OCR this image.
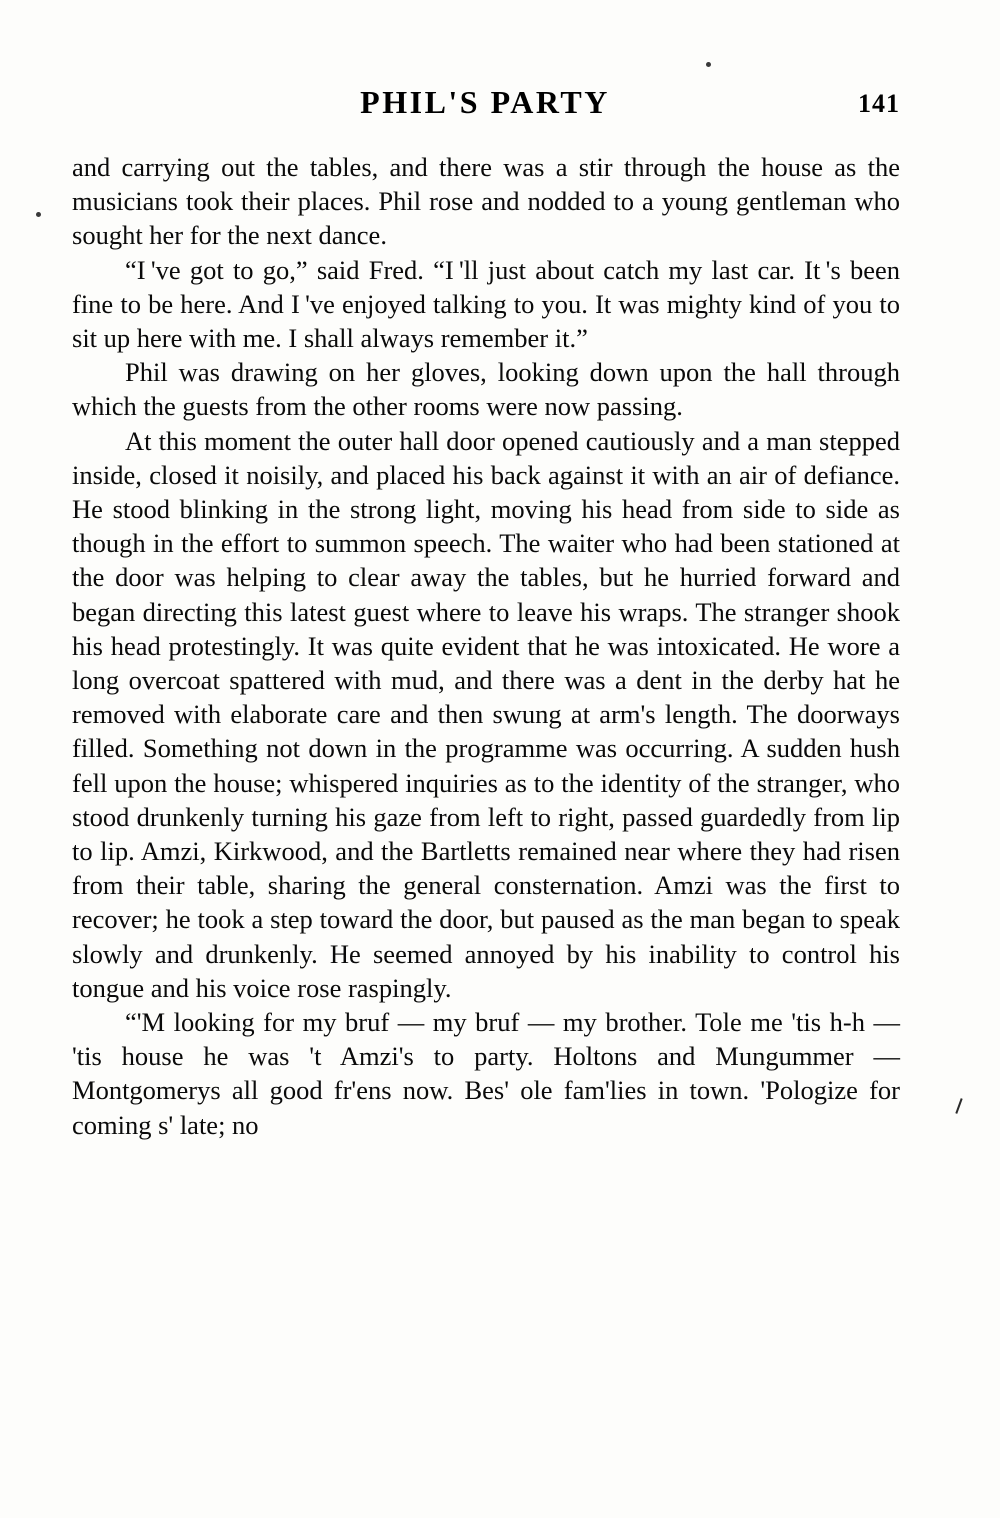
PHIL'S PARTY	141

and carrying out the tables, and there was a stir through the house as the musicians took their places. Phil rose and nodded to a young gentleman who sought her for the next dance.

“I 've got to go,” said Fred. “I 'll just about catch my last car. It 's been fine to be here. And I 've enjoyed talking to you. It was mighty kind of you to sit up here with me. I shall always remember it.”

Phil was drawing on her gloves, looking down upon the hall through which the guests from the other rooms were now passing.

At this moment the outer hall door opened cautiously and a man stepped inside, closed it noisily, and placed his back against it with an air of defiance. He stood blinking in the strong light, moving his head from side to side as though in the effort to summon speech. The waiter who had been stationed at the door was helping to clear away the tables, but he hurried forward and began directing this latest guest where to leave his wraps. The stranger shook his head protestingly. It was quite evident that he was intoxicated. He wore a long overcoat spattered with mud, and there was a dent in the derby hat he removed with elaborate care and then swung at arm's length. The doorways filled. Something not down in the programme was occurring. A sudden hush fell upon the house; whispered inquiries as to the identity of the stranger, who stood drunkenly turning his gaze from left to right, passed guardedly from lip to lip. Amzi, Kirkwood, and the Bartletts remained near where they had risen from their table, sharing the general consternation. Amzi was the first to recover; he took a step toward the door, but paused as the man began to speak slowly and drunkenly. He seemed annoyed by his inability to control his tongue and his voice rose raspingly.

“'M looking for my bruf — my bruf — my brother. Tole me 'tis h-h — 'tis house he was 't Amzi's to party. Holtons and Mungummer — Montgomerys all good fr'ens now. Bes' ole fam'lies in town. 'Pologize for coming s' late; no
